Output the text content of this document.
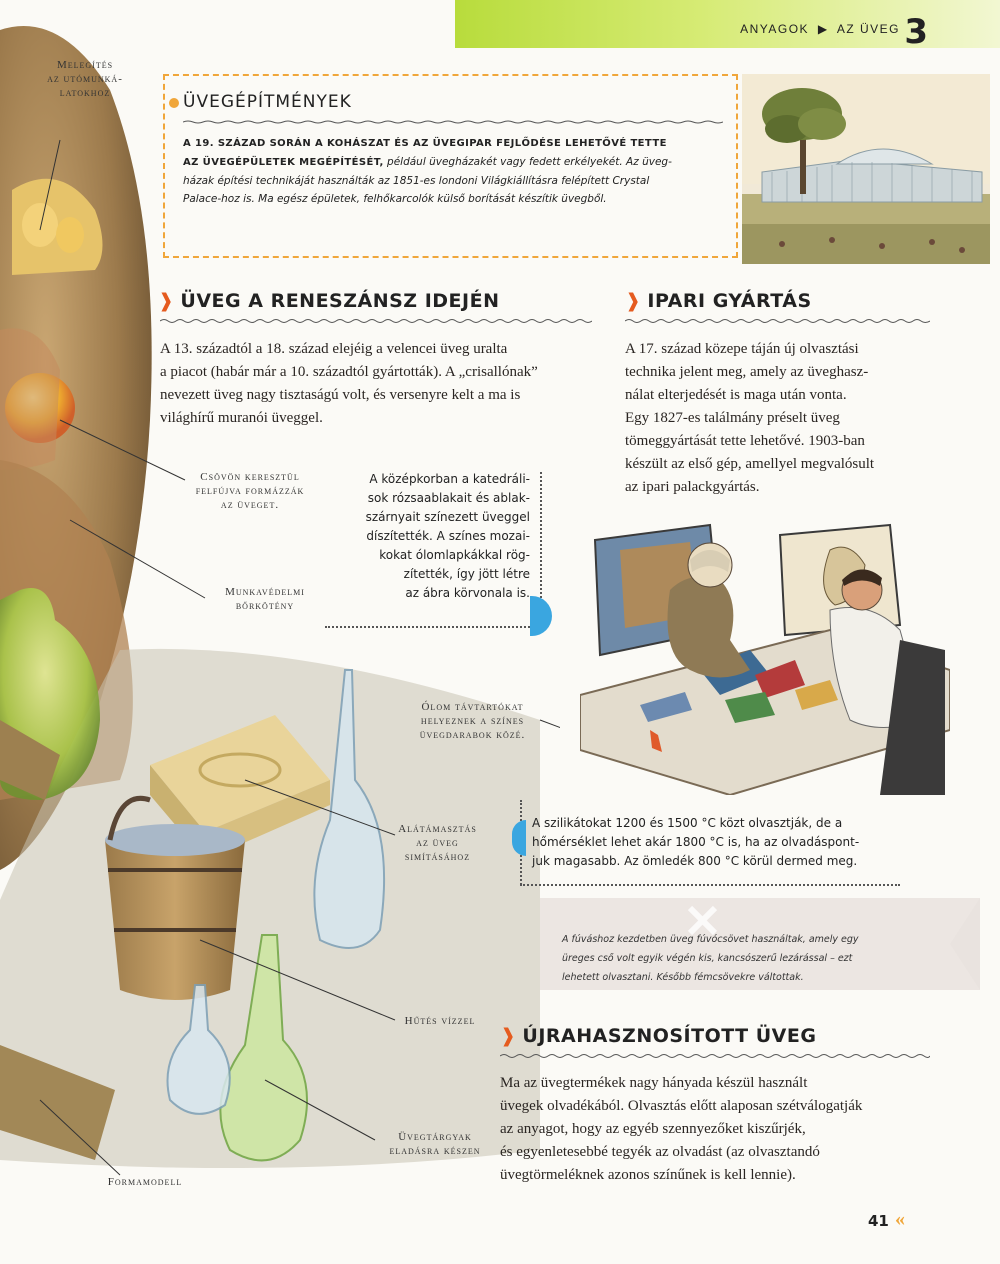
ANYAGOK ▶ AZ ÜVEG 3
Melegítés
az utómunká-
latokhoz
Csövön keresztül
felfújva formázzák
az üveget.
Munkavédelmi
bőrkötény
Ólom távtartókat
helyeznek a színes
üvegdarabok közé.
Alátámasztás
az üveg
simításához
Hűtés vízzel
Üvegtárgyak
eladásra készen
Formamodell
ÜVEGÉPÍTMÉNYEK
A 19. SZÁZAD SORÁN A KOHÁSZAT ÉS AZ ÜVEGIPAR FEJLŐDÉSE LEHETŐVÉ TETTE
AZ ÜVEGÉPÜLETEK MEGÉPÍTÉSÉT, például üvegházakét vagy fedett erkélyekét. Az üveg-
házak építési technikáját használták az 1851-es londoni Világkiállításra felépített Crystal
Palace-hoz is. Ma egész épületek, felhőkarcolók külső borítását készítik üvegből.
❱ ÜVEG A RENESZÁNSZ IDEJÉN
A 13. századtól a 18. század elejéig a velencei üveg uralta
a piacot (habár már a 10. századtól gyártották). A „crisallónak”
nevezett üveg nagy tisztaságú volt, és versenyre kelt a ma is
világhírű muranói üveggel.
A középkorban a katedráli-
sok rózsaablakait és ablak-
szárnyait színezett üveggel
díszítették. A színes mozai-
kokat ólomlapkákkal rög-
zítették, így jött létre
az ábra körvonala is.
❱ IPARI GYÁRTÁS
A 17. század közepe táján új olvasztási
technika jelent meg, amely az üveghasz-
nálat elterjedését is maga után vonta.
Egy 1827-es találmány préselt üveg
tömeggyártását tette lehetővé. 1903-ban
készült az első gép, amellyel megvalósult
az ipari palackgyártás.
A szilikátokat 1200 és 1500 °C közt olvasztják, de a
hőmérséklet lehet akár 1800 °C is, ha az olvadáspont-
juk magasabb. Az ömledék 800 °C körül dermed meg.
A fúváshoz kezdetben üveg fúvócsövet használtak, amely egy
üreges cső volt egyik végén kis, kancsószerű lezárással – ezt
lehetett olvasztani. Később fémcsövekre váltottak.
❱ ÚJRAHASZNOSÍTOTT ÜVEG
Ma az üvegtermékek nagy hányada készül használt
üvegek olvadékából. Olvasztás előtt alaposan szétválogatják
az anyagot, hogy az egyéb szennyezőket kiszűrjék,
és egyenletesebbé tegyék az olvadást (az olvasztandó
üvegtörmeléknek azonos színűnek is kell lennie).
41 «
